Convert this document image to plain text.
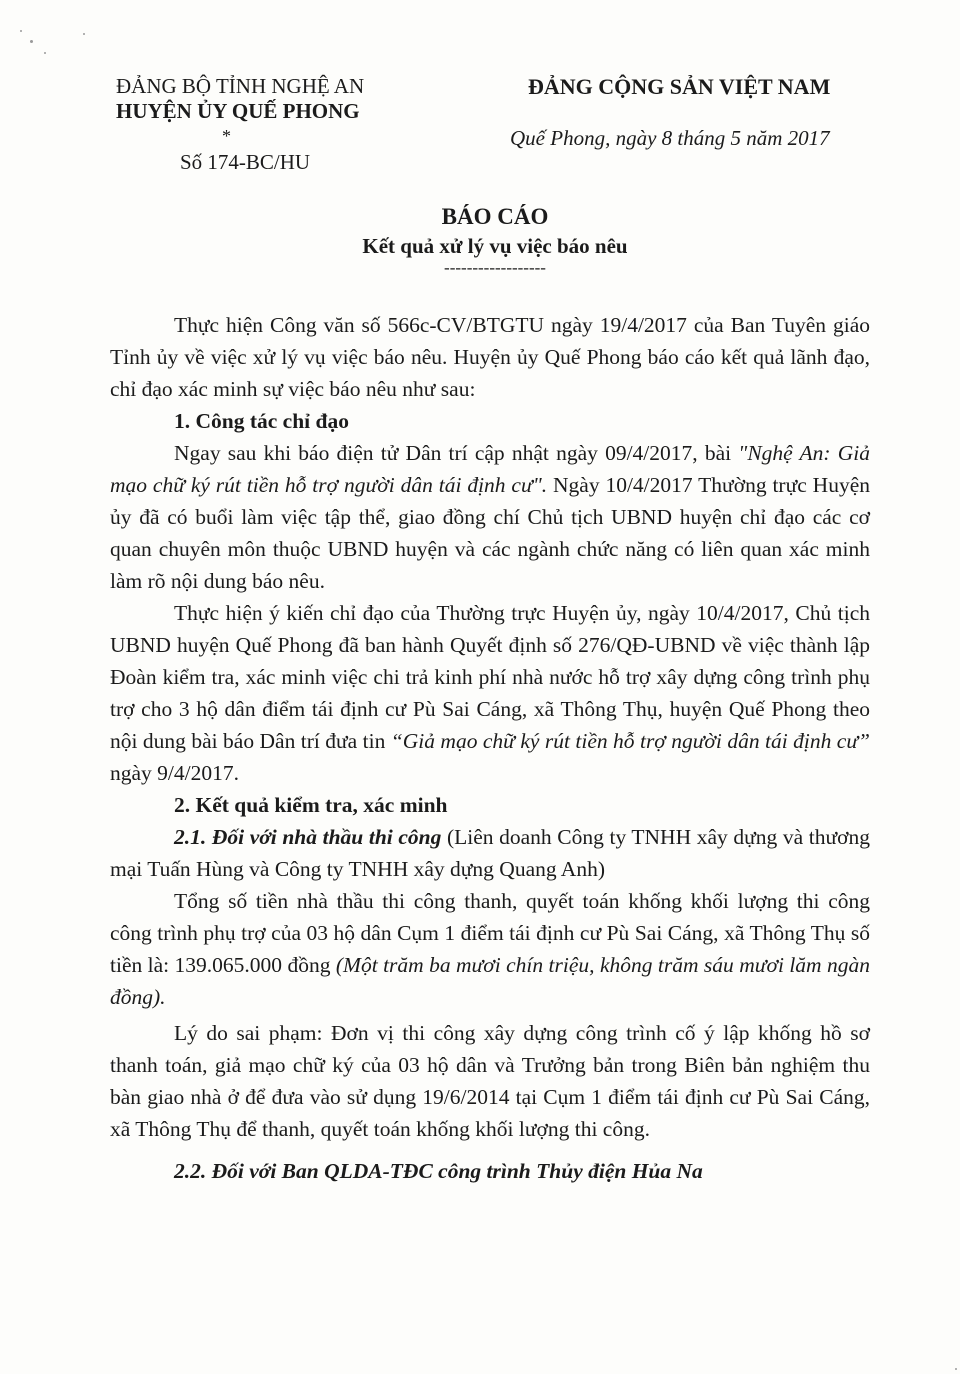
ĐẢNG BỘ TỈNH NGHỆ AN
HUYỆN ỦY QUẾ PHONG
*
Số 174-BC/HU
ĐẢNG CỘNG SẢN VIỆT NAM
Quế Phong, ngày 8 tháng 5 năm 2017
BÁO CÁO
Kết quả xử lý vụ việc báo nêu
------------------

Thực hiện Công văn số 566c-CV/BTGTU ngày 19/4/2017 của Ban Tuyên giáo Tỉnh ủy về việc xử lý vụ việc báo nêu. Huyện ủy Quế Phong báo cáo kết quả lãnh đạo, chỉ đạo xác minh sự việc báo nêu như sau:

1. Công tác chỉ đạo

Ngay sau khi báo điện tử Dân trí cập nhật ngày 09/4/2017, bài "Nghệ An: Giả mạo chữ ký rút tiền hỗ trợ người dân tái định cư". Ngày 10/4/2017 Thường trực Huyện ủy đã có buổi làm việc tập thể, giao đồng chí Chủ tịch UBND huyện chỉ đạo các cơ quan chuyên môn thuộc UBND huyện và các ngành chức năng có liên quan xác minh làm rõ nội dung báo nêu.

Thực hiện ý kiến chỉ đạo của Thường trực Huyện ủy, ngày 10/4/2017, Chủ tịch UBND huyện Quế Phong đã ban hành Quyết định số 276/QĐ-UBND về việc thành lập Đoàn kiểm tra, xác minh việc chi trả kinh phí nhà nước hỗ trợ xây dựng công trình phụ trợ cho 3 hộ dân điểm tái định cư Pù Sai Cáng, xã Thông Thụ, huyện Quế Phong theo nội dung bài báo Dân trí đưa tin “Giả mạo chữ ký rút tiền hỗ trợ người dân tái định cư” ngày 9/4/2017.

2. Kết quả kiểm tra, xác minh

2.1. Đối với nhà thầu thi công (Liên doanh Công ty TNHH xây dựng và thương mại Tuấn Hùng và Công ty TNHH xây dựng Quang Anh)

Tổng số tiền nhà thầu thi công thanh, quyết toán khống khối lượng thi công công trình phụ trợ của 03 hộ dân Cụm 1 điểm tái định cư Pù Sai Cáng, xã Thông Thụ số tiền là: 139.065.000 đồng (Một trăm ba mươi chín triệu, không trăm sáu mươi lăm ngàn đồng).

Lý do sai phạm: Đơn vị thi công xây dựng công trình cố ý lập khống hồ sơ thanh toán, giả mạo chữ ký của 03 hộ dân và Trưởng bản trong Biên bản nghiệm thu bàn giao nhà ở để đưa vào sử dụng 19/6/2014 tại Cụm 1 điểm tái định cư Pù Sai Cáng, xã Thông Thụ để thanh, quyết toán khống khối lượng thi công.

2.2. Đối với Ban QLDA-TĐC công trình Thủy điện Hủa Na
